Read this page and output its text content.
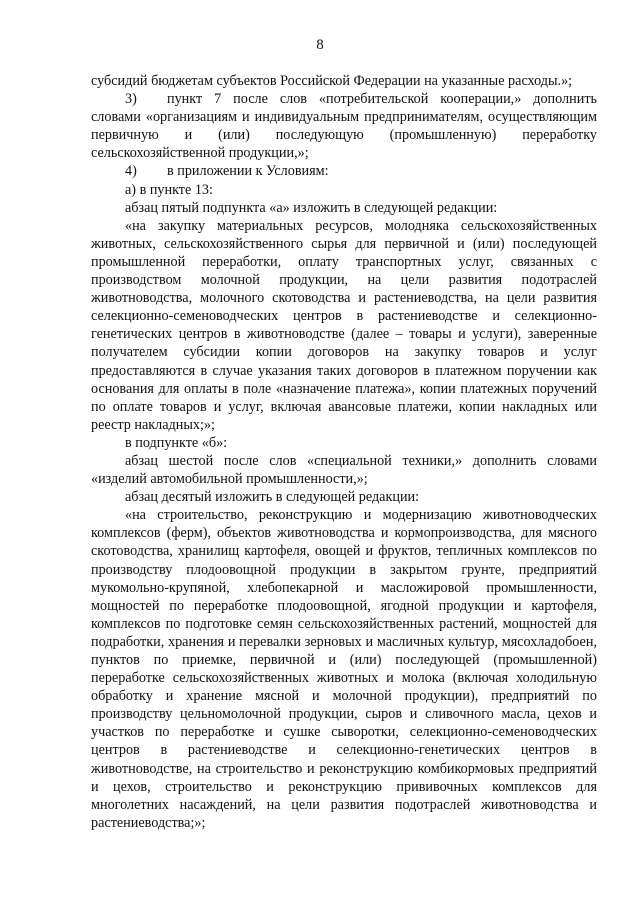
8

субсидий бюджетам субъектов Российской Федерации на указанные расходы.»;

3) пункт 7 после слов «потребительской кооперации,» дополнить словами «организациям и индивидуальным предпринимателям, осуществляющим первичную и (или) последующую (промышленную) переработку сельскохозяйственной продукции,»;

4) в приложении к Условиям:

а) в пункте 13:

абзац пятый подпункта «а» изложить в следующей редакции:

«на закупку материальных ресурсов, молодняка сельскохозяйственных животных, сельскохозяйственного сырья для первичной и (или) последующей промышленной переработки, оплату транспортных услуг, связанных с производством молочной продукции, на цели развития подотраслей животноводства, молочного скотоводства и растениеводства, на цели развития селекционно-семеноводческих центров в растениеводстве и селекционно-генетических центров в животноводстве (далее – товары и услуги), заверенные получателем субсидии копии договоров на закупку товаров и услуг предоставляются в случае указания таких договоров в платежном поручении как основания для оплаты в поле «назначение платежа», копии платежных поручений по оплате товаров и услуг, включая авансовые платежи, копии накладных или реестр накладных;»;

в подпункте «б»:

абзац шестой после слов «специальной техники,» дополнить словами «изделий автомобильной промышленности,»;

абзац десятый изложить в следующей редакции:

«на строительство, реконструкцию и модернизацию животноводческих комплексов (ферм), объектов животноводства и кормопроизводства, для мясного скотоводства, хранилищ картофеля, овощей и фруктов, тепличных комплексов по производству плодоовощной продукции в закрытом грунте, предприятий мукомольно-крупяной, хлебопекарной и масложировой промышленности, мощностей по переработке плодоовощной, ягодной продукции и картофеля, комплексов по подготовке семян сельскохозяйственных растений, мощностей для подработки, хранения и перевалки зерновых и масличных культур, мясохладобоен, пунктов по приемке, первичной и (или) последующей (промышленной) переработке сельскохозяйственных животных и молока (включая холодильную обработку и хранение мясной и молочной продукции), предприятий по производству цельномолочной продукции, сыров и сливочного масла, цехов и участков по переработке и сушке сыворотки, селекционно-семеноводческих центров в растениеводстве и селекционно-генетических центров в животноводстве, на строительство и реконструкцию комбикормовых предприятий и цехов, строительство и реконструкцию прививочных комплексов для многолетних насаждений, на цели развития подотраслей животноводства и растениеводства;»;
